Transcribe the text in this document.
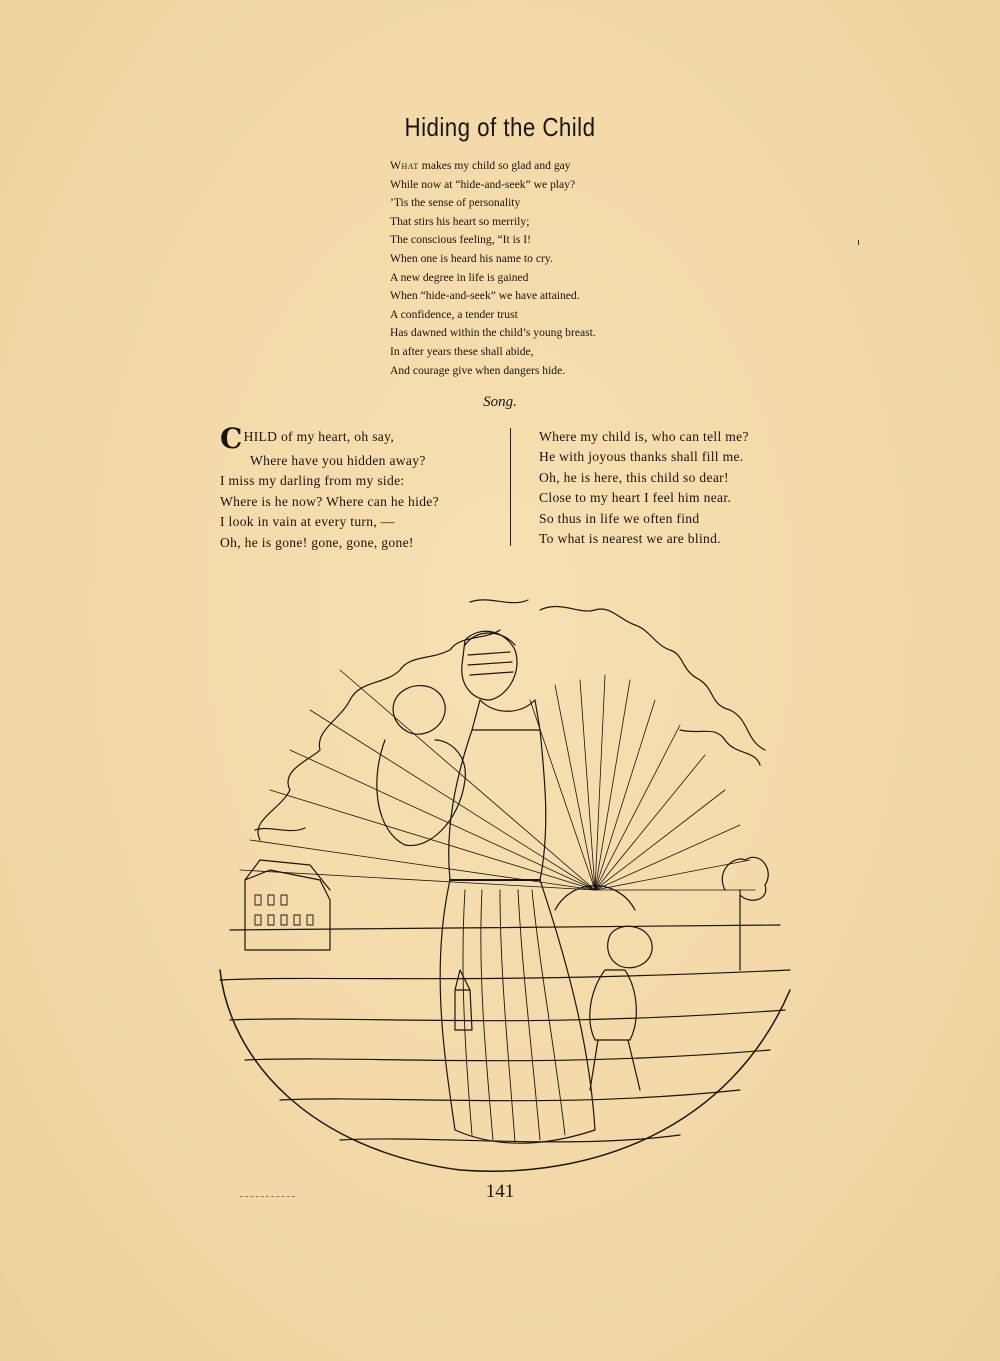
Hiding of the Child
What makes my child so glad and gay
While now at “hide-and-seek” we play?
’Tis the sense of personality
That stirs his heart so merrily;
The conscious feeling, “It is I!
When one is heard his name to cry.
A new degree in life is gained
When “hide-and-seek” we have attained.
A confidence, a tender trust
Has dawned within the child’s young breast.
In after years these shall abide,
And courage give when dangers hide.
Song.
CHILD of my heart, oh say,
Where have you hidden away?
I miss my darling from my side:
Where is he now? Where can he hide?
I look in vain at every turn, —
Oh, he is gone! gone, gone, gone!
Where my child is, who can tell me?
He with joyous thanks shall fill me.
Oh, he is here, this child so dear!
Close to my heart I feel him near.
So thus in life we often find
To what is nearest we are blind.
141
